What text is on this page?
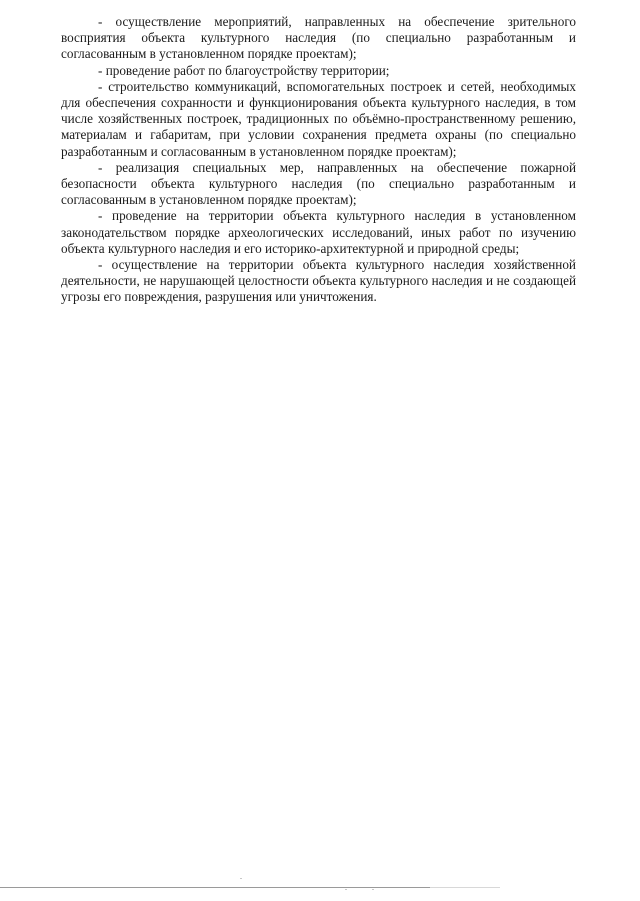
- осуществление мероприятий, направленных на обеспечение зрительного восприятия объекта культурного наследия (по специально разработанным и согласованным в установленном порядке проектам);

- проведение работ по благоустройству территории;

- строительство коммуникаций, вспомогательных построек и сетей, необходимых для обеспечения сохранности и функционирования объекта культурного наследия, в том числе хозяйственных построек, традиционных по объёмно-пространственному решению, материалам и габаритам, при условии сохранения предмета охраны (по специально разработанным и согласованным в установленном порядке проектам);

- реализация специальных мер, направленных на обеспечение пожарной безопасности объекта культурного наследия (по специально разработанным и согласованным в установленном порядке проектам);

- проведение на территории объекта культурного наследия в установленном законодательством порядке археологических исследований, иных работ по изучению объекта культурного наследия и его историко-архитектурной и природной среды;

- осуществление на территории объекта культурного наследия хозяйственной деятельности, не нарушающей целостности объекта культурного наследия и не создающей угрозы его повреждения, разрушения или уничтожения.
